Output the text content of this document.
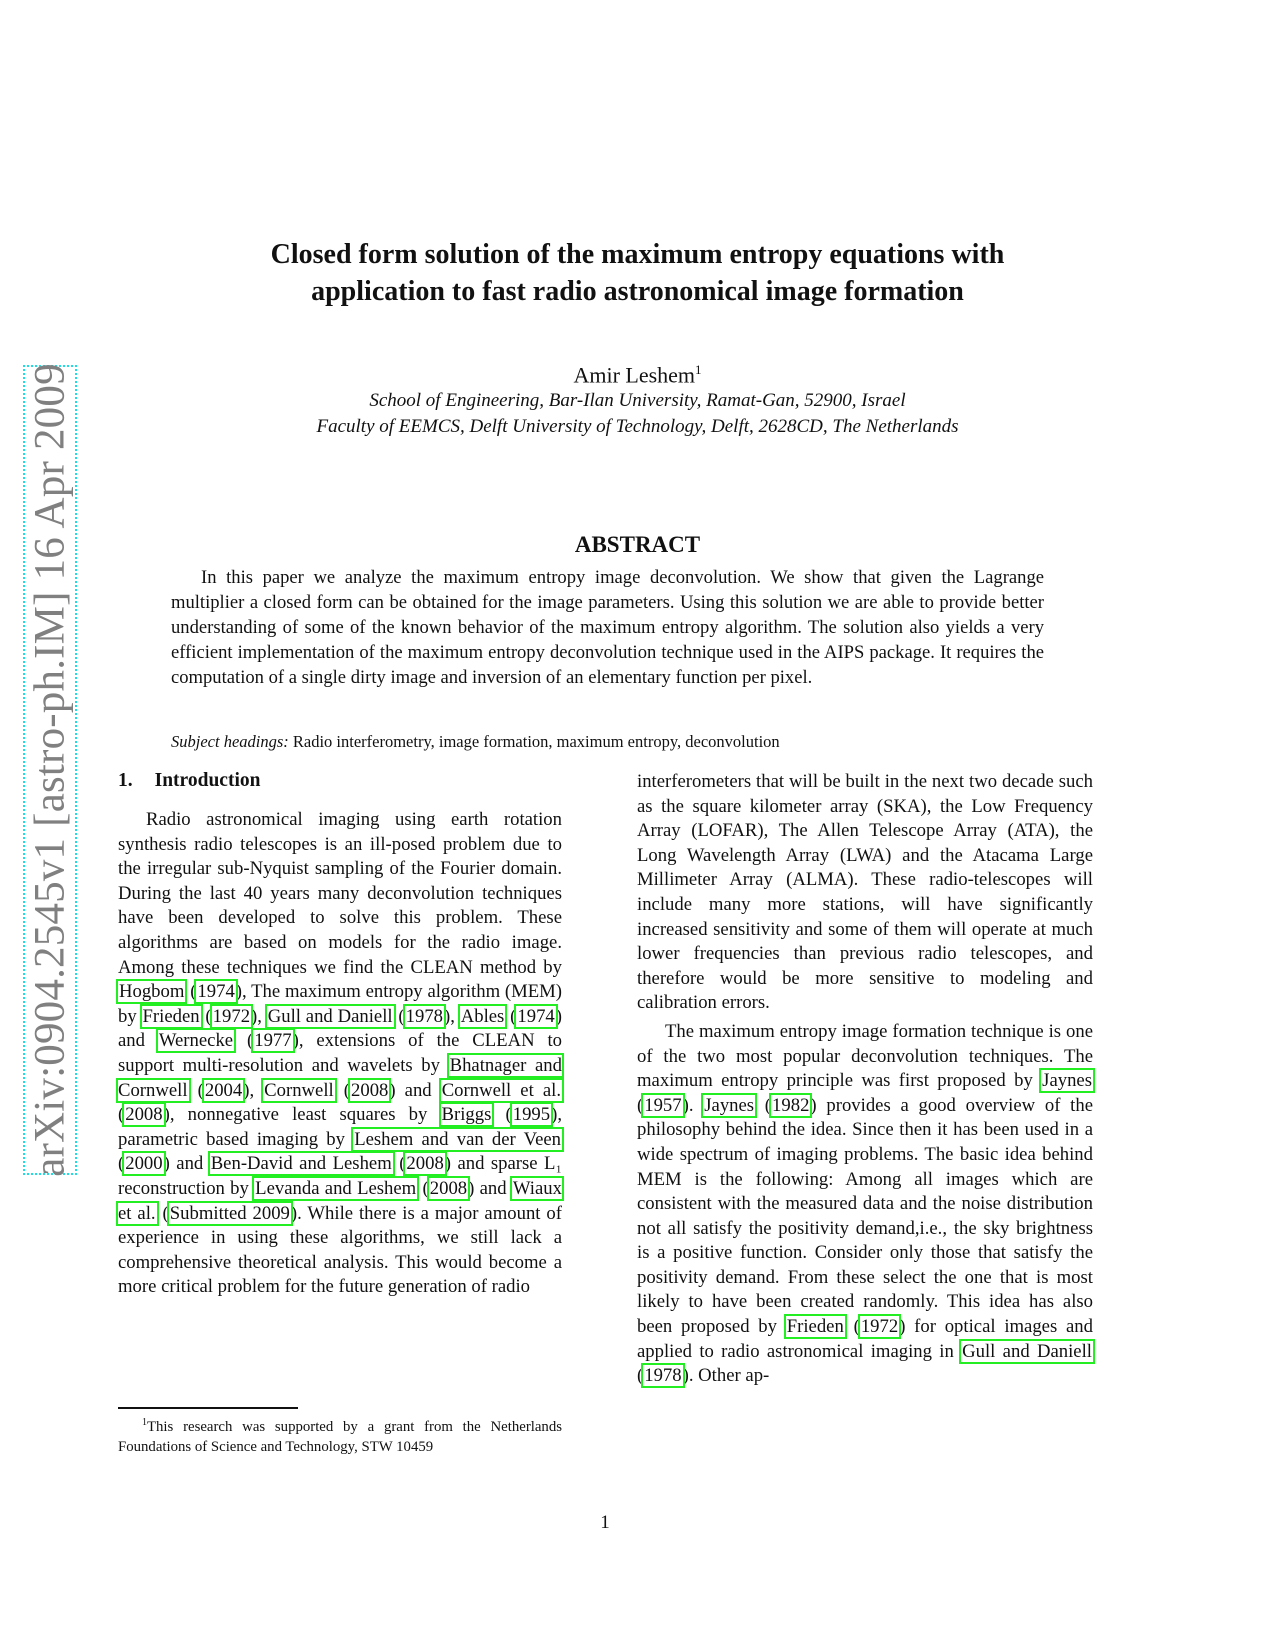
arXiv:0904.2545v1 [astro-ph.IM] 16 Apr 2009
Closed form solution of the maximum entropy equations with
application to fast radio astronomical image formation
Amir Leshem$^1$
School of Engineering, Bar-Ilan University, Ramat-Gan, 52900, Israel
Faculty of EEMCS, Delft University of Technology, Delft, 2628CD, The Netherlands
ABSTRACT

In this paper we analyze the maximum entropy image deconvolution. We show that given the Lagrange multiplier a closed form can be obtained for the image parameters. Using this solution we are able to provide better understanding of some of the known behavior of the maximum entropy algorithm. The solution also yields a very efficient implementation of the maximum entropy deconvolution technique used in the AIPS package. It requires the computation of a single dirty image and inversion of an elementary function per pixel.

Subject headings: Radio interferometry, image formation, maximum entropy, deconvolution
1. Introduction

Radio astronomical imaging using earth rotation synthesis radio telescopes is an ill-posed problem due to the irregular sub-Nyquist sampling of the Fourier domain. During the last 40 years many deconvolution techniques have been developed to solve this problem. These algorithms are based on models for the radio image. Among these techniques we find the CLEAN method by Hogbom (1974), The maximum entropy algorithm (MEM) by Frieden (1972), Gull and Daniell (1978), Ables (1974) and Wernecke (1977), extensions of the CLEAN to support multi-resolution and wavelets by Bhatnager and Cornwell (2004), Cornwell (2008) and Cornwell et al. (2008), nonnegative least squares by Briggs (1995), parametric based imaging by Leshem and van der Veen (2000) and Ben-David and Leshem (2008) and sparse L₁ reconstruction by Levanda and Leshem (2008) and Wiaux et al. (Submitted 2009). While there is a major amount of experience in using these algorithms, we still lack a comprehensive theoretical analysis. This would become a more critical problem for the future generation of radio

interferometers that will be built in the next two decade such as the square kilometer array (SKA), the Low Frequency Array (LOFAR), The Allen Telescope Array (ATA), the Long Wavelength Array (LWA) and the Atacama Large Millimeter Array (ALMA). These radio-telescopes will include many more stations, will have significantly increased sensitivity and some of them will operate at much lower frequencies than previous radio telescopes, and therefore would be more sensitive to modeling and calibration errors.

The maximum entropy image formation technique is one of the two most popular deconvolution techniques. The maximum entropy principle was first proposed by Jaynes (1957). Jaynes (1982) provides a good overview of the philosophy behind the idea. Since then it has been used in a wide spectrum of imaging problems. The basic idea behind MEM is the following: Among all images which are consistent with the measured data and the noise distribution not all satisfy the positivity demand,i.e., the sky brightness is a positive function. Consider only those that satisfy the positivity demand. From these select the one that is most likely to have been created randomly. This idea has also been proposed by Frieden (1972) for optical images and applied to radio astronomical imaging in Gull and Daniell (1978). Other ap-

$^1$This research was supported by a grant from the Netherlands Foundations of Science and Technology, STW 10459
1
